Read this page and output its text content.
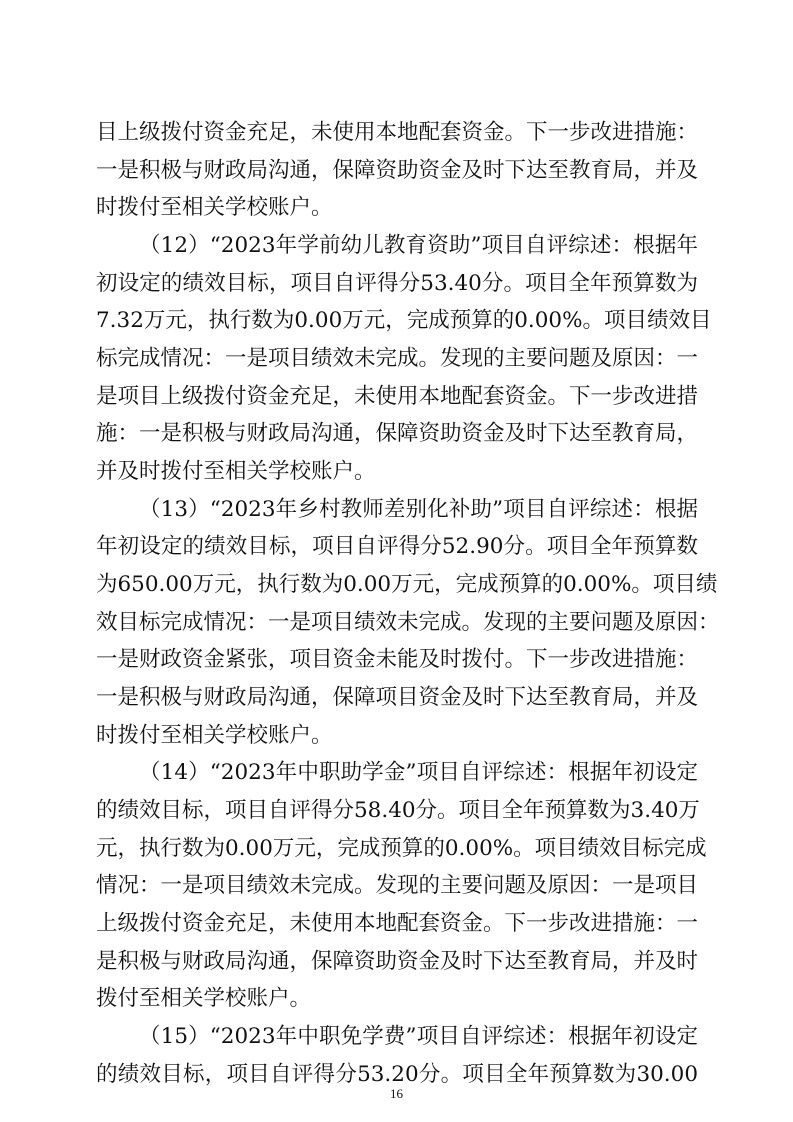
目上级拨付资金充足，未使用本地配套资金。下一步改进措施：
一是积极与财政局沟通，保障资助资金及时下达至教育局，并及
时拨付至相关学校账户。
（12）“2023年学前幼儿教育资助”项目自评综述：根据年
初设定的绩效目标，项目自评得分53.40分。项目全年预算数为
7.32万元，执行数为0.00万元，完成预算的0.00%。项目绩效目
标完成情况：一是项目绩效未完成。发现的主要问题及原因：一
是项目上级拨付资金充足，未使用本地配套资金。下一步改进措
施：一是积极与财政局沟通，保障资助资金及时下达至教育局，
并及时拨付至相关学校账户。
（13）“2023年乡村教师差别化补助”项目自评综述：根据
年初设定的绩效目标，项目自评得分52.90分。项目全年预算数
为650.00万元，执行数为0.00万元，完成预算的0.00%。项目绩
效目标完成情况：一是项目绩效未完成。发现的主要问题及原因：
一是财政资金紧张，项目资金未能及时拨付。下一步改进措施：
一是积极与财政局沟通，保障项目资金及时下达至教育局，并及
时拨付至相关学校账户。
（14）“2023年中职助学金”项目自评综述：根据年初设定
的绩效目标，项目自评得分58.40分。项目全年预算数为3.40万
元，执行数为0.00万元，完成预算的0.00%。项目绩效目标完成
情况：一是项目绩效未完成。发现的主要问题及原因：一是项目
上级拨付资金充足，未使用本地配套资金。下一步改进措施：一
是积极与财政局沟通，保障资助资金及时下达至教育局，并及时
拨付至相关学校账户。
（15）“2023年中职免学费”项目自评综述：根据年初设定
的绩效目标，项目自评得分53.20分。项目全年预算数为30.00
16
